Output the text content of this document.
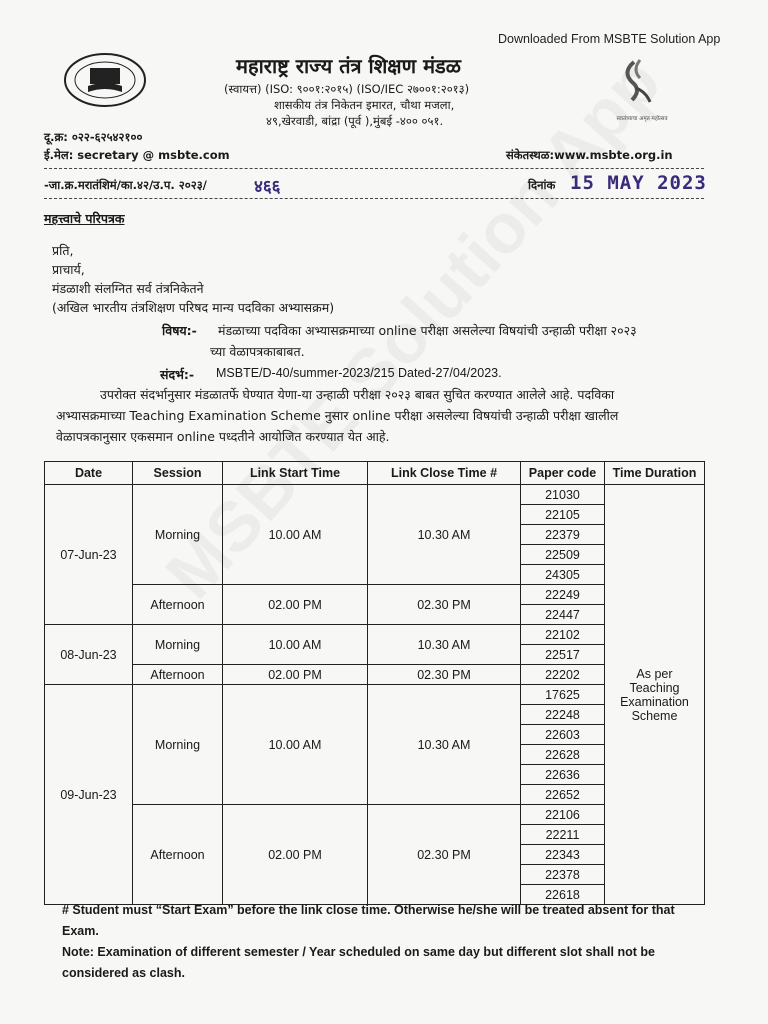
Downloaded From MSBTE Solution App
स्वातंत्र्याचा अमृत महोत्सव
महाराष्ट्र राज्य तंत्र शिक्षण मंडळ
(स्वायत्त) (ISO: ९००१:२०१५) (ISO/IEC २७००१:२०१३)
शासकीय तंत्र निकेतन इमारत, चौथा मजला,
४९,खेरवाडी, बांद्रा (पूर्व ),मुंबई -४०० ०५१.
दू.क्र: ०२२-६२५४२१००
ई.मेल: secretary @ msbte.com	संकेतस्थळ:www.msbte.org.in
-जा.क्र.मरातंशिमं/का.४२/उ.प. २०२३/	४६६	दिनांक 15 MAY 2023
महत्त्वाचे परिपत्रक
प्रति,
प्राचार्य,
मंडळाशी संलग्नित सर्व तंत्रनिकेतने
(अखिल भारतीय तंत्रशिक्षण परिषद मान्य पदविका अभ्यासक्रम)
विषय:- मंडळाच्या पदविका अभ्यासक्रमाच्या online परीक्षा असलेल्या विषयांची उन्हाळी परीक्षा २०२३
च्या वेळापत्रकाबाबत.
संदर्भ:- MSBTE/D-40/summer-2023/215 Dated-27/04/2023.
उपरोक्त संदर्भानुसार मंडळातर्फे घेण्यात येणा-या उन्हाळी परीक्षा २०२३ बाबत सुचित करण्यात आलेले आहे. पदविका
अभ्यासक्रमाच्या Teaching Examination Scheme नुसार online परीक्षा असलेल्या विषयांची उन्हाळी परीक्षा खालील
वेळापत्रकानुसार एकसमान online पध्दतीने आयोजित करण्यात येत आहे.
Date	Session	Link Start Time	Link Close Time #	Paper code	Time Duration
07-Jun-23	Morning	10.00 AM	10.30 AM	21030	As per Teaching Examination Scheme
				22105	
				22379	
				22509	
				24305	
	Afternoon	02.00 PM	02.30 PM	22249	
				22447	
08-Jun-23	Morning	10.00 AM	10.30 AM	22102	
				22517	
	Afternoon	02.00 PM	02.30 PM	22202	
09-Jun-23	Morning	10.00 AM	10.30 AM	17625	
				22248	
				22603	
				22628	
				22636	
				22652	
	Afternoon	02.00 PM	02.30 PM	22106	
				22211	
				22343	
				22378	
				22618	
# Student must “Start Exam” before the link close time. Otherwise he/she will be treated absent for that Exam.
Note: Examination of different semester / Year scheduled on same day but different slot shall not be considered as clash.
